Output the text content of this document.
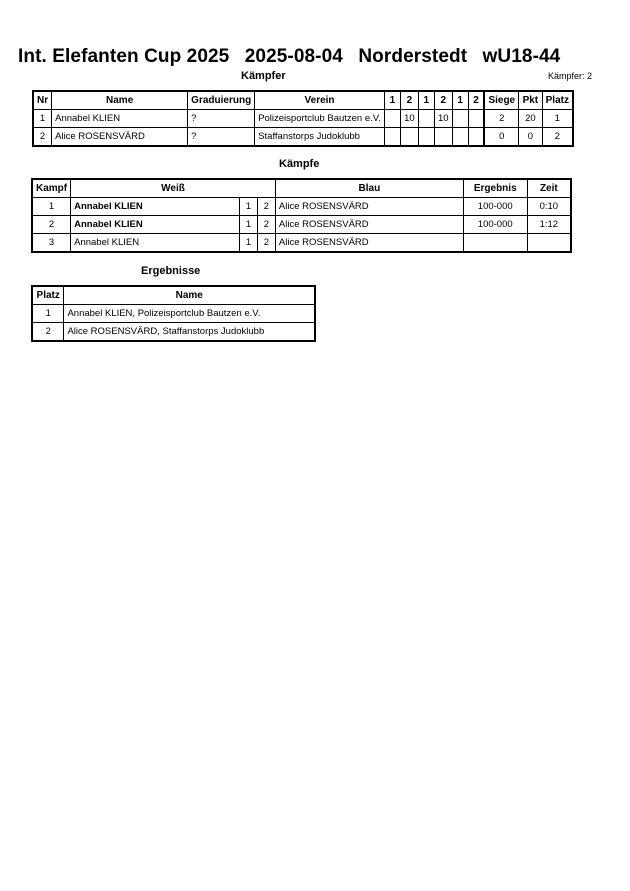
Int. Elefanten Cup 2025 2025-08-04 Norderstedt wU18-44
Kämpfer	Kämpfer: 2
Nr	Name	Graduierung	Verein	1	2	1	2	1	2	Siege	Pkt	Platz
1	Annabel KLIEN	?	Polizeisportclub Bautzen e.V.		10		10			2	20	1
2	Alice ROSENSVÄRD	?	Staffanstorps Judoklubb							0	0	2
Kämpfe
Kampf	Weiß			Blau	Ergebnis	Zeit
1	Annabel KLIEN	1	2	Alice ROSENSVÄRD	100-000	0:10
2	Annabel KLIEN	1	2	Alice ROSENSVÄRD	100-000	1:12
3	Annabel KLIEN	1	2	Alice ROSENSVÄRD		
Ergebnisse
Platz	Name
1	Annabel KLIEN, Polizeisportclub Bautzen e.V.
2	Alice ROSENSVÄRD, Staffanstorps Judoklubb
